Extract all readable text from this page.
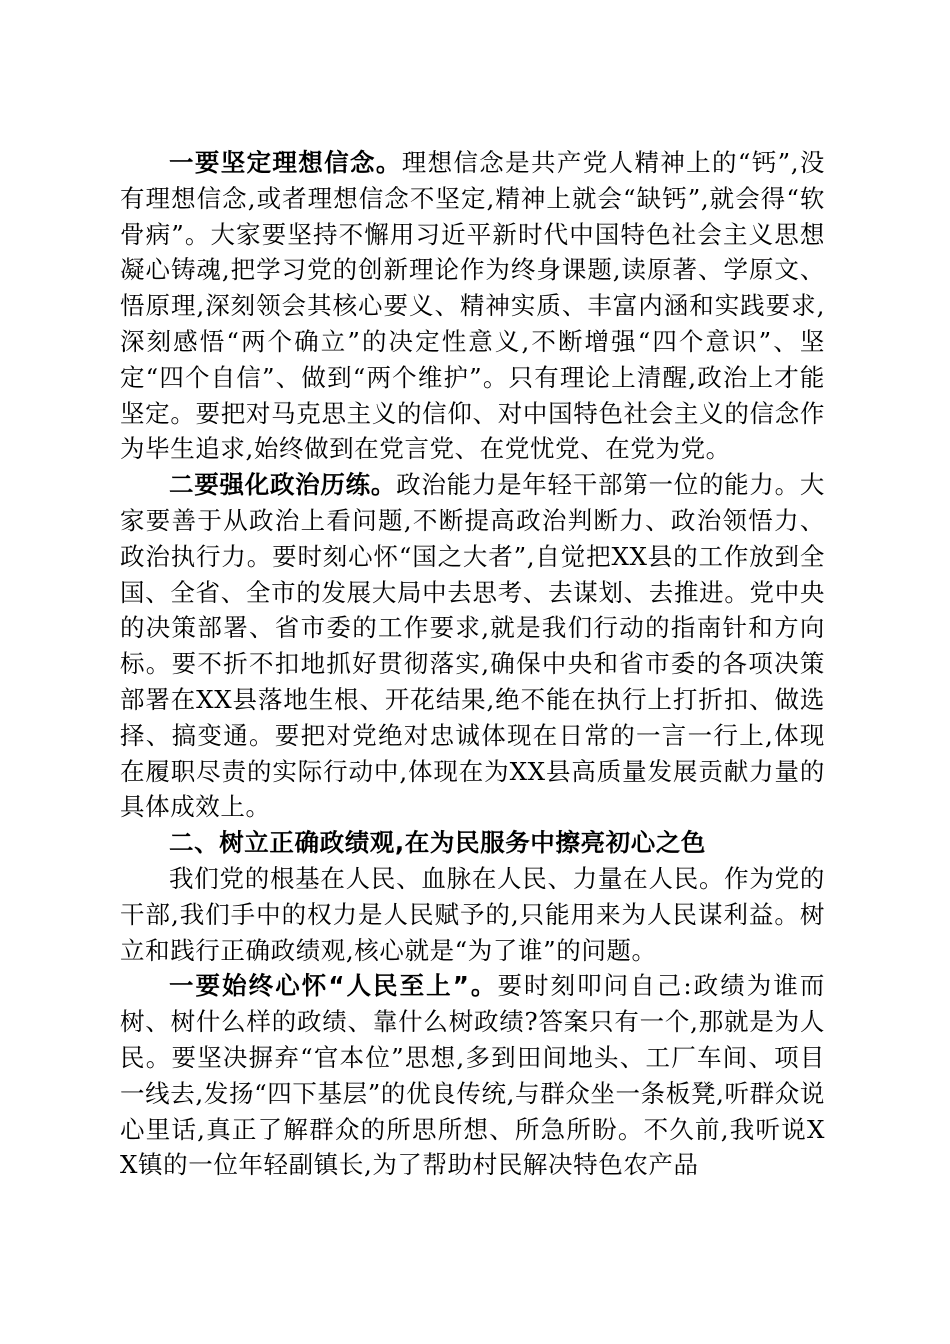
一要坚定理想信念。理想信念是共产党人精神上的“钙”,没有理想信念,或者理想信念不坚定,精神上就会“缺钙”,就会得“软骨病”。大家要坚持不懈用习近平新时代中国特色社会主义思想凝心铸魂,把学习党的创新理论作为终身课题,读原著、学原文、悟原理,深刻领会其核心要义、精神实质、丰富内涵和实践要求,深刻感悟“两个确立”的决定性意义,不断增强“四个意识”、坚定“四个自信”、做到“两个维护”。只有理论上清醒,政治上才能坚定。要把对马克思主义的信仰、对中国特色社会主义的信念作为毕生追求,始终做到在党言党、在党忧党、在党为党。

二要强化政治历练。政治能力是年轻干部第一位的能力。大家要善于从政治上看问题,不断提高政治判断力、政治领悟力、政治执行力。要时刻心怀“国之大者”,自觉把XX县的工作放到全国、全省、全市的发展大局中去思考、去谋划、去推进。党中央的决策部署、省市委的工作要求,就是我们行动的指南针和方向标。要不折不扣地抓好贯彻落实,确保中央和省市委的各项决策部署在XX县落地生根、开花结果,绝不能在执行上打折扣、做选择、搞变通。要把对党绝对忠诚体现在日常的一言一行上,体现在履职尽责的实际行动中,体现在为XX县高质量发展贡献力量的具体成效上。

二、树立正确政绩观,在为民服务中擦亮初心之色

我们党的根基在人民、血脉在人民、力量在人民。作为党的干部,我们手中的权力是人民赋予的,只能用来为人民谋利益。树立和践行正确政绩观,核心就是“为了谁”的问题。

一要始终心怀“人民至上”。要时刻叩问自己:政绩为谁而树、树什么样的政绩、靠什么树政绩?答案只有一个,那就是为人民。要坚决摒弃“官本位”思想,多到田间地头、工厂车间、项目一线去,发扬“四下基层”的优良传统,与群众坐一条板凳,听群众说心里话,真正了解群众的所思所想、所急所盼。不久前,我听说XX镇的一位年轻副镇长,为了帮助村民解决特色农产品
